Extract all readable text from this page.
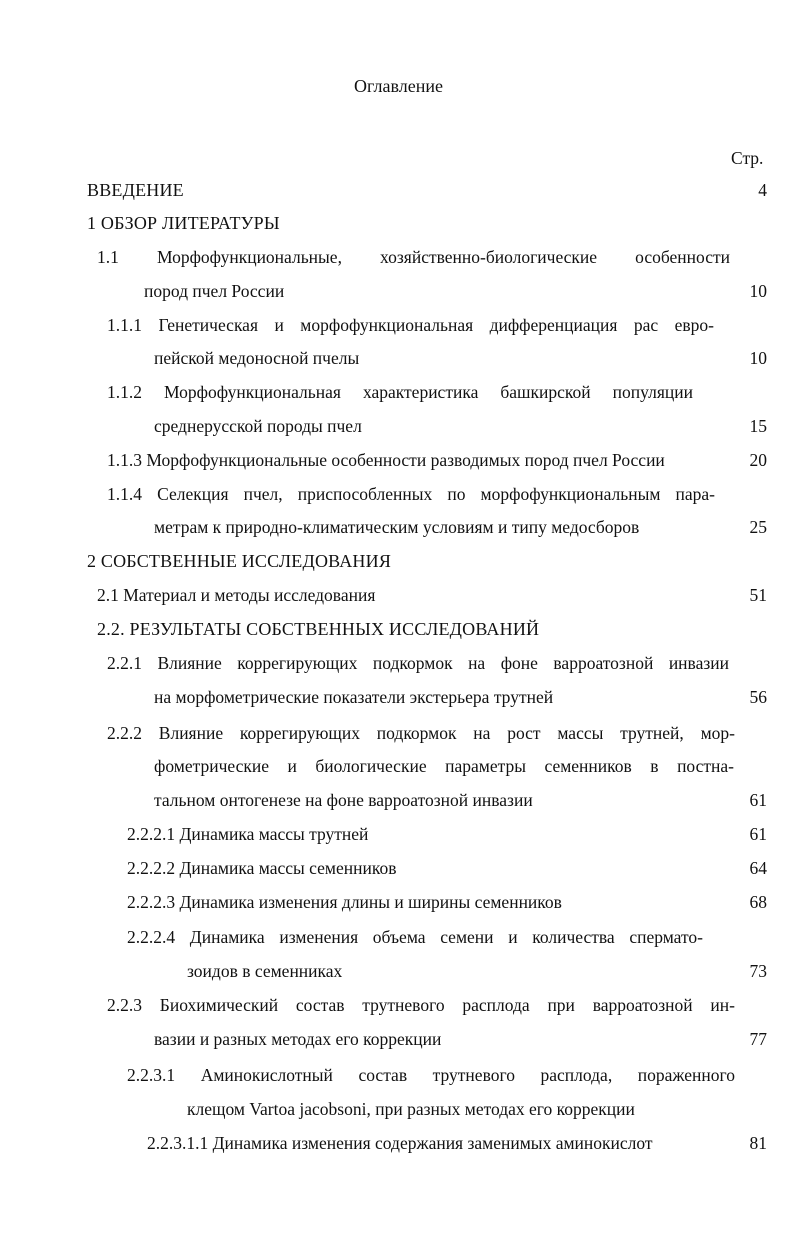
Оглавление
Стр.
ВВЕДЕНИЕ	4
1 ОБЗОР ЛИТЕРАТУРЫ
1.1 Морфофункциональные, хозяйственно-биологические особенности
пород пчел России	10
1.1.1 Генетическая и морфофункциональная дифференциация рас евро-
пейской медоносной пчелы	10
1.1.2 Морфофункциональная характеристика башкирской популяции
среднерусской породы пчел	15
1.1.3 Морфофункциональные особенности разводимых пород пчел России	20
1.1.4 Селекция пчел, приспособленных по морфофункциональным пара-
метрам к природно-климатическим условиям и типу медосборов	25
2 СОБСТВЕННЫЕ ИССЛЕДОВАНИЯ
2.1 Материал и методы исследования	51
2.2. РЕЗУЛЬТАТЫ СОБСТВЕННЫХ ИССЛЕДОВАНИЙ
2.2.1 Влияние коррегирующих подкормок на фоне варроатозной инвазии
на морфометрические показатели экстерьера трутней	56
2.2.2 Влияние коррегирующих подкормок на рост массы трутней, мор-
фометрические и биологические параметры семенников в постна-
тальном онтогенезе на фоне варроатозной инвазии	61
2.2.2.1 Динамика массы трутней	61
2.2.2.2 Динамика массы семенников	64
2.2.2.3 Динамика изменения длины и ширины семенников	68
2.2.2.4 Динамика изменения объема семени и количества спермато-
зоидов в семенниках	73
2.2.3 Биохимический состав трутневого расплода при варроатозной ин-
вазии и разных методах его коррекции	77
2.2.3.1 Аминокислотный состав трутневого расплода, пораженного
клещом Vartoa jacobsoni, при разных методах его коррекции
2.2.3.1.1 Динамика изменения содержания заменимых аминокислот	81
